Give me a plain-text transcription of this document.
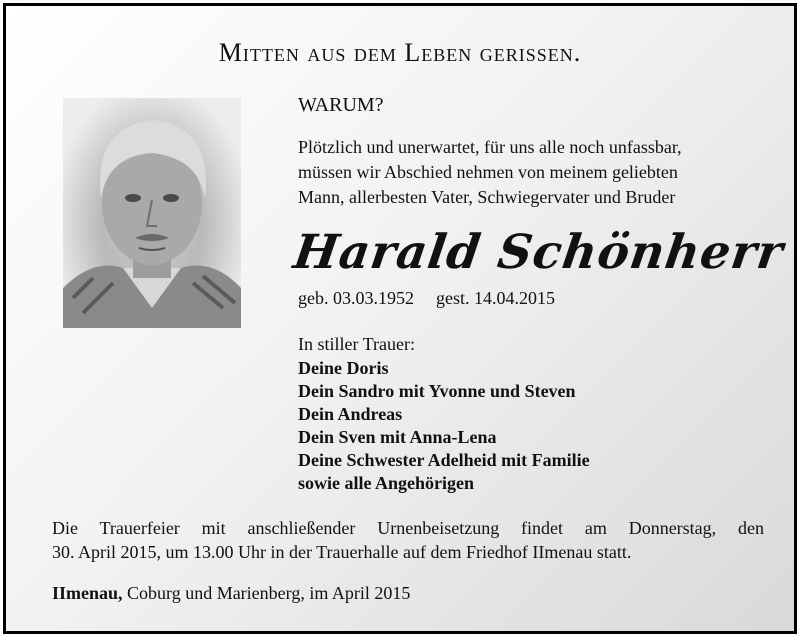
Mitten aus dem Leben gerissen.
WARUM?
Plötzlich und unerwartet, für uns alle noch unfassbar,
müssen wir Abschied nehmen von meinem geliebten
Mann, allerbesten Vater, Schwiegervater und Bruder
Harald Schönherr
geb. 03.03.1952 gest. 14.04.2015
In stiller Trauer:
Deine Doris
Dein Sandro mit Yvonne und Steven
Dein Andreas
Dein Sven mit Anna-Lena
Deine Schwester Adelheid mit Familie
sowie alle Angehörigen
Die Trauerfeier mit anschließender Urnenbeisetzung findet am Donnerstag, den
30. April 2015, um 13.00 Uhr in der Trauerhalle auf dem Friedhof IImenau statt.
IImenau, Coburg und Marienberg, im April 2015
